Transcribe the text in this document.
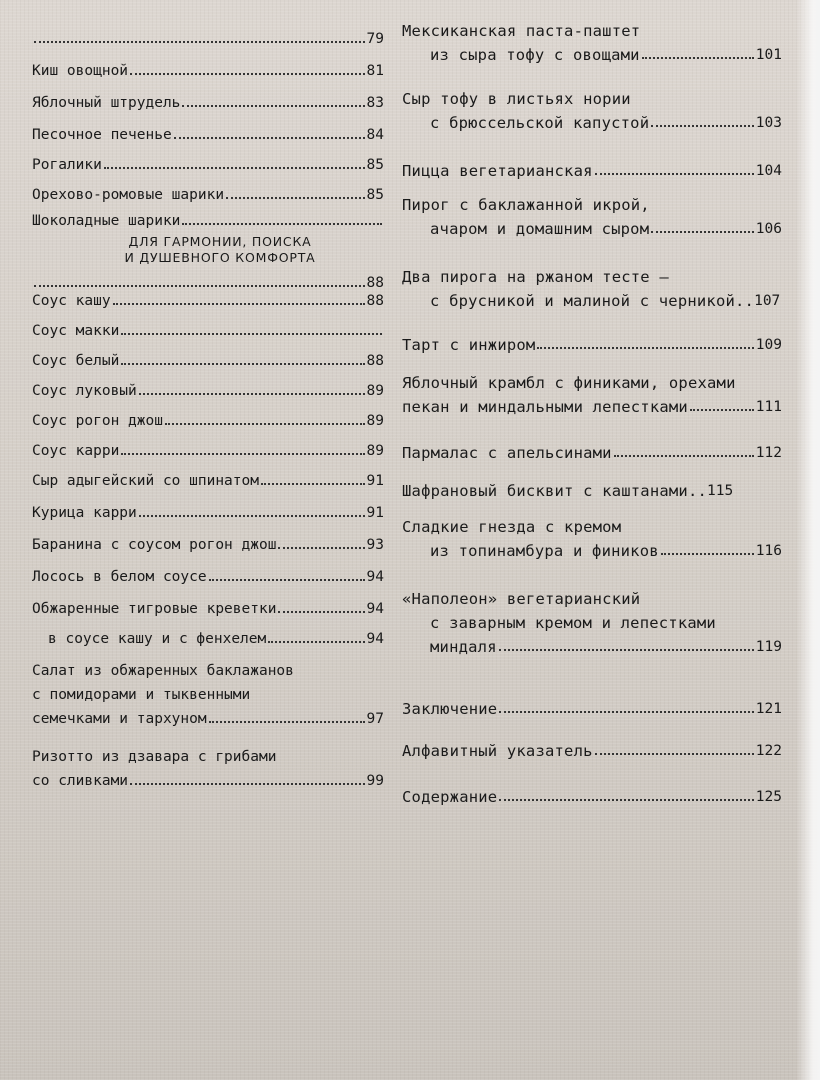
79
Киш овощной	81
Яблочный штрудель	83
Песочное печенье	84
Рогалики	85
Орехово-ромовые шарики	85
Шоколадные шарики
ДЛЯ ГАРМОНИИ, ПОИСКА
И ДУШЕВНОГО КОМФОРТА
88
Соус кашу	88
Соус макки
Соус белый	88
Соус луковый	89
Соус рогон джош	89
Соус карри	89
Сыр адыгейский со шпинатом	91
Курица карри	91
Баранина с соусом рогон джош	93
Лосось в белом соусе	94
Обжаренные тигровые креветки	94
в соусе кашу и с фенхелем	94
Салат из обжаренных баклажанов
с помидорами и тыквенными
семечками и тархуном	97
Ризотто из дзавара с грибами
со сливками	99
Мексиканская паста-паштет
из сыра тофу с овощами	101
Сыр тофу в листьях нории
с брюссельской капустой	103
Пицца вегетарианская	104
Пирог с баклажанной икрой,
ачаром и домашним сыром	106
Два пирога на ржаном тесте –
с брусникой и малиной с черникой.. 107
Тарт с инжиром	109
Яблочный крамбл с финиками, орехами
пекан и миндальными лепестками	111
Пармалас с апельсинами	112
Шафрановый бисквит с каштанами.. 115
Сладкие гнезда с кремом
из топинамбура и фиников	116
«Наполеон» вегетарианский
с заварным кремом и лепестками
миндаля	119
Заключение	121
Алфавитный указатель	122
Содержание	125
